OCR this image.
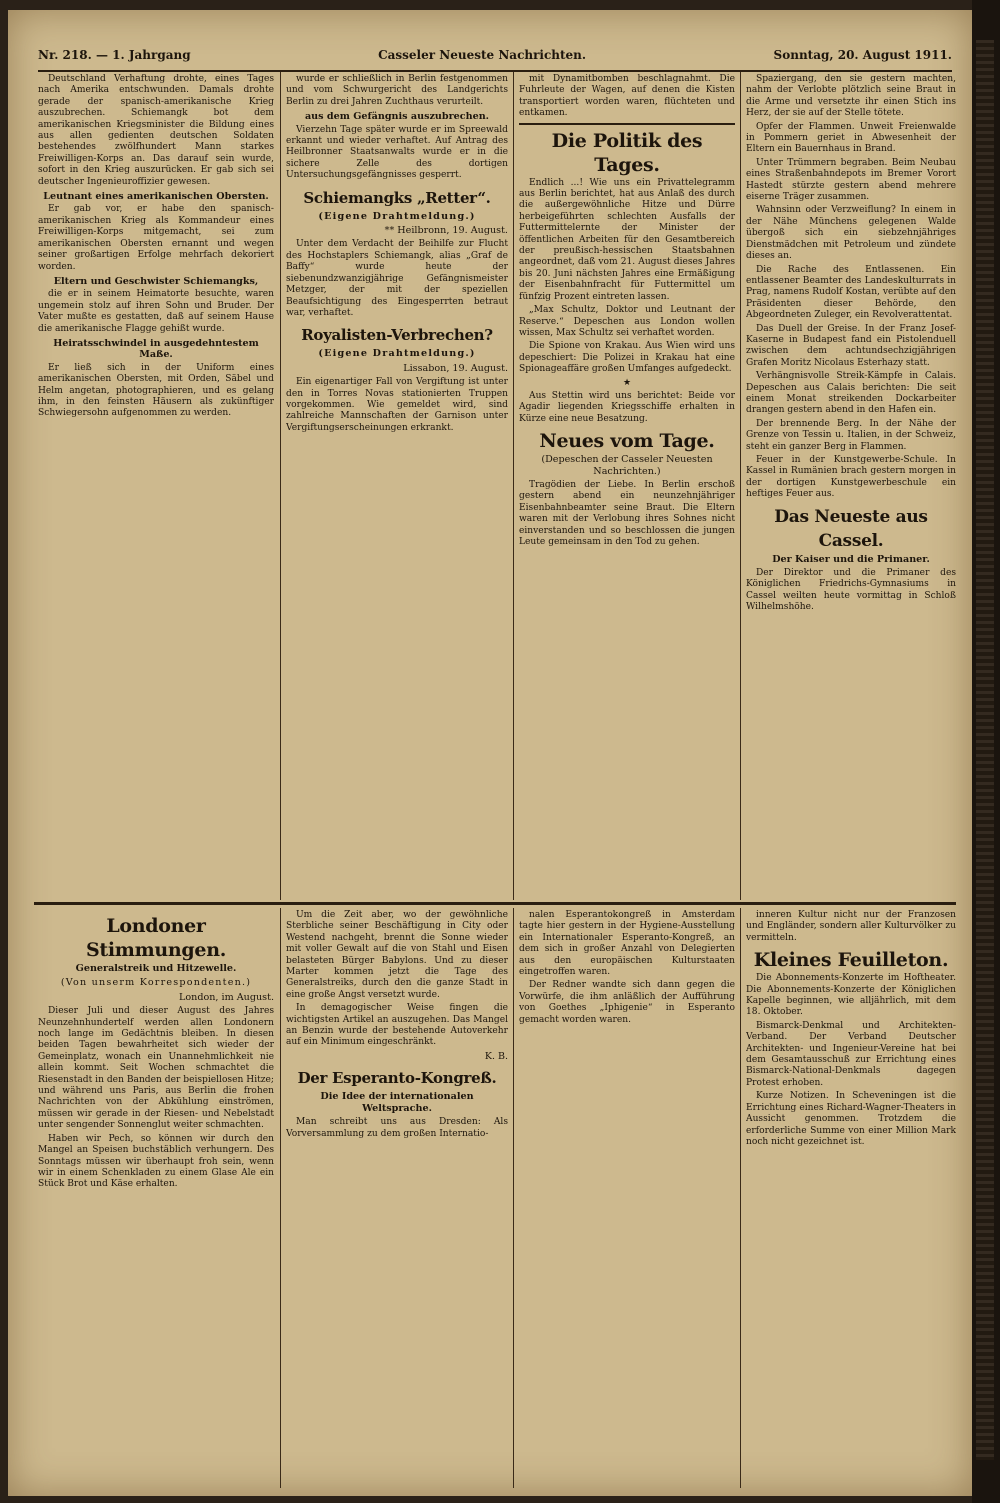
Nr. 218. — 1. Jahrgang	Casseler Neueste Nachrichten.	Sonntag, 20. August 1911.

Deutschland Verhaftung drohte, eines Tages nach Amerika entschwunden. Damals drohte gerade der spanisch-amerikanische Krieg auszubrechen. Schiemangk bot dem amerikanischen Kriegsminister die Bildung eines aus allen gedienten deutschen Soldaten bestehendes zwölfhundert Mann starkes Freiwilligen-Korps an. Das darauf sein wurde, sofort in den Krieg auszurücken. Er gab sich sei deutscher Ingenieuroffizier gewesen.

Leutnant eines amerikanischen Obersten.

Er gab vor, er habe den spanisch-amerikanischen Krieg als Kommandeur eines Freiwilligen-Korps mitgemacht, sei zum amerikanischen Obersten ernannt und wegen seiner großartigen Erfolge mehrfach dekoriert worden.

Eltern und Geschwister Schiemangks,

die er in seinem Heimatorte besuchte, waren ungemein stolz auf ihren Sohn und Bruder. Der Vater mußte es gestatten, daß auf seinem Hause die amerikanische Flagge gehißt wurde.

Heiratsschwindel in ausgedehntestem Maße.

Er ließ sich in der Uniform eines amerikanischen Obersten, mit Orden, Säbel und Helm angetan, photographieren, und es gelang ihm, in den feinsten Häusern als zukünftiger Schwiegersohn aufgenommen zu werden.

wurde er schließlich in Berlin festgenommen und vom Schwurgericht des Landgerichts Berlin zu drei Jahren Zuchthaus verurteilt.

aus dem Gefängnis auszubrechen.

Vierzehn Tage später wurde er im Spreewald erkannt und wieder verhaftet. Auf Antrag des Heilbronner Staatsanwalts wurde er in die sichere Zelle des dortigen Untersuchungsgefängnisses gesperrt.

Schiemangks „Retter“.
(Eigene Drahtmeldung.)
** Heilbronn, 19. August.

Unter dem Verdacht der Beihilfe zur Flucht des Hochstaplers Schiemangk, alias „Graf de Baffy“ wurde heute der siebenundzwanzigjährige Gefängnismeister Metzger, der mit der speziellen Beaufsichtigung des Eingesperrten betraut war, verhaftet.

Royalisten-Verbrechen?
(Eigene Drahtmeldung.)
Lissabon, 19. August.

Ein eigenartiger Fall von Vergiftung ist unter den in Torres Novas stationierten Truppen vorgekommen. Wie gemeldet wird, sind zahlreiche Mannschaften der Garnison unter Vergiftungserscheinungen erkrankt.

mit Dynamitbomben beschlagnahmt. Die Fuhrleute der Wagen, auf denen die Kisten transportiert worden waren, flüchteten und entkamen.

Die Politik des Tages.

Endlich ...! Wie uns ein Privattelegramm aus Berlin berichtet, hat aus Anlaß des durch die außergewöhnliche Hitze und Dürre herbeigeführten schlechten Ausfalls der Futtermittelernte der Minister der öffentlichen Arbeiten für den Gesamtbereich der preußisch-hessischen Staatsbahnen angeordnet, daß vom 21. August dieses Jahres bis 20. Juni nächsten Jahres eine Ermäßigung der Eisenbahnfracht für Futtermittel um fünfzig Prozent eintreten lassen.

„Max Schultz, Doktor und Leutnant der Reserve.“ Depeschen aus London wollen wissen, Max Schultz sei verhaftet worden.

Die Spione von Krakau. Aus Wien wird uns depeschiert: Die Polizei in Krakau hat eine Spionageaffäre großen Umfanges aufgedeckt.

★

Aus Stettin wird uns berichtet: Beide vor Agadir liegenden Kriegsschiffe erhalten in Kürze eine neue Besatzung.

Neues vom Tage.
(Depeschen der Casseler Neuesten Nachrichten.)

Tragödien der Liebe. In Berlin erschoß gestern abend ein neunzehnjähriger Eisenbahnbeamter seine Braut. Die Eltern waren mit der Verlobung ihres Sohnes nicht einverstanden und so beschlossen die jungen Leute gemeinsam in den Tod zu gehen.

Spaziergang, den sie gestern machten, nahm der Verlobte plötzlich seine Braut in die Arme und versetzte ihr einen Stich ins Herz, der sie auf der Stelle tötete.

Opfer der Flammen. Unweit Freienwalde in Pommern geriet in Abwesenheit der Eltern ein Bauernhaus in Brand.

Unter Trümmern begraben. Beim Neubau eines Straßenbahndepots im Bremer Vorort Hastedt stürzte gestern abend mehrere eiserne Träger zusammen.

Wahnsinn oder Verzweiflung? In einem in der Nähe Münchens gelegenen Walde übergoß sich ein siebzehnjähriges Dienstmädchen mit Petroleum und zündete dieses an.

Die Rache des Entlassenen. Ein entlassener Beamter des Landeskulturrats in Prag, namens Rudolf Kostan, verübte auf den Präsidenten dieser Behörde, den Abgeordneten Zuleger, ein Revolverattentat.

Das Duell der Greise. In der Franz Josef-Kaserne in Budapest fand ein Pistolenduell zwischen dem achtundsechzigjährigen Grafen Moritz Nicolaus Esterhazy statt.

Verhängnisvolle Streik-Kämpfe in Calais. Depeschen aus Calais berichten: Die seit einem Monat streikenden Dockarbeiter drangen gestern abend in den Hafen ein.

Der brennende Berg. In der Nähe der Grenze von Tessin u. Italien, in der Schweiz, steht ein ganzer Berg in Flammen.

Feuer in der Kunstgewerbe-Schule. In Kassel in Rumänien brach gestern morgen in der dortigen Kunstgewerbeschule ein heftiges Feuer aus.

Das Neueste aus Cassel.
Der Kaiser und die Primaner.

Der Direktor und die Primaner des Königlichen Friedrichs-Gymnasiums in Cassel weilten heute vormittag in Schloß Wilhelmshöhe.

Londoner Stimmungen.
Generalstreik und Hitzewelle.
(Von unserm Korrespondenten.)
London, im August.

Dieser Juli und dieser August des Jahres Neunzehnhundertelf werden allen Londonern noch lange im Gedächtnis bleiben. In diesen beiden Tagen bewahrheitet sich wieder der Gemeinplatz, wonach ein Unannehmlichkeit nie allein kommt. Seit Wochen schmachtet die Riesenstadt in den Banden der beispiellosen Hitze; und während uns Paris, aus Berlin die frohen Nachrichten von der Abkühlung einströmen, müssen wir gerade in der Riesen- und Nebelstadt unter sengender Sonnenglut weiter schmachten.

Haben wir Pech, so können wir durch den Mangel an Speisen buchstäblich verhungern. Des Sonntags müssen wir überhaupt froh sein, wenn wir in einem Schenkladen zu einem Glase Ale ein Stück Brot und Käse erhalten.

Um die Zeit aber, wo der gewöhnliche Sterbliche seiner Beschäftigung in City oder Westend nachgeht, brennt die Sonne wieder mit voller Gewalt auf die von Stahl und Eisen belasteten Bürger Babylons. Und zu dieser Marter kommen jetzt die Tage des Generalstreiks, durch den die ganze Stadt in eine große Angst versetzt wurde.

In demagogischer Weise fingen die wichtigsten Artikel an auszugehen. Das Mangel an Benzin wurde der bestehende Autoverkehr auf ein Minimum eingeschränkt.

K. B.
Der Esperanto-Kongreß.
Die Idee der internationalen Weltsprache.

Man schreibt uns aus Dresden: Als Vorversammlung zu dem großen Internatio-

nalen Esperantokongreß in Amsterdam tagte hier gestern in der Hygiene-Ausstellung ein Internationaler Esperanto-Kongreß, an dem sich in großer Anzahl von Delegierten aus den europäischen Kulturstaaten eingetroffen waren.

Der Redner wandte sich dann gegen die Vorwürfe, die ihm anläßlich der Aufführung von Goethes „Iphigenie“ in Esperanto gemacht worden waren.

inneren Kultur nicht nur der Franzosen und Engländer, sondern aller Kulturvölker zu vermitteln.

Kleines Feuilleton.

Die Abonnements-Konzerte im Hoftheater. Die Abonnements-Konzerte der Königlichen Kapelle beginnen, wie alljährlich, mit dem 18. Oktober.

Bismarck-Denkmal und Architekten-Verband. Der Verband Deutscher Architekten- und Ingenieur-Vereine hat bei dem Gesamtausschuß zur Errichtung eines Bismarck-National-Denkmals dagegen Protest erhoben.

Kurze Notizen. In Scheveningen ist die Errichtung eines Richard-Wagner-Theaters in Aussicht genommen. Trotzdem die erforderliche Summe von einer Million Mark noch nicht gezeichnet ist.
